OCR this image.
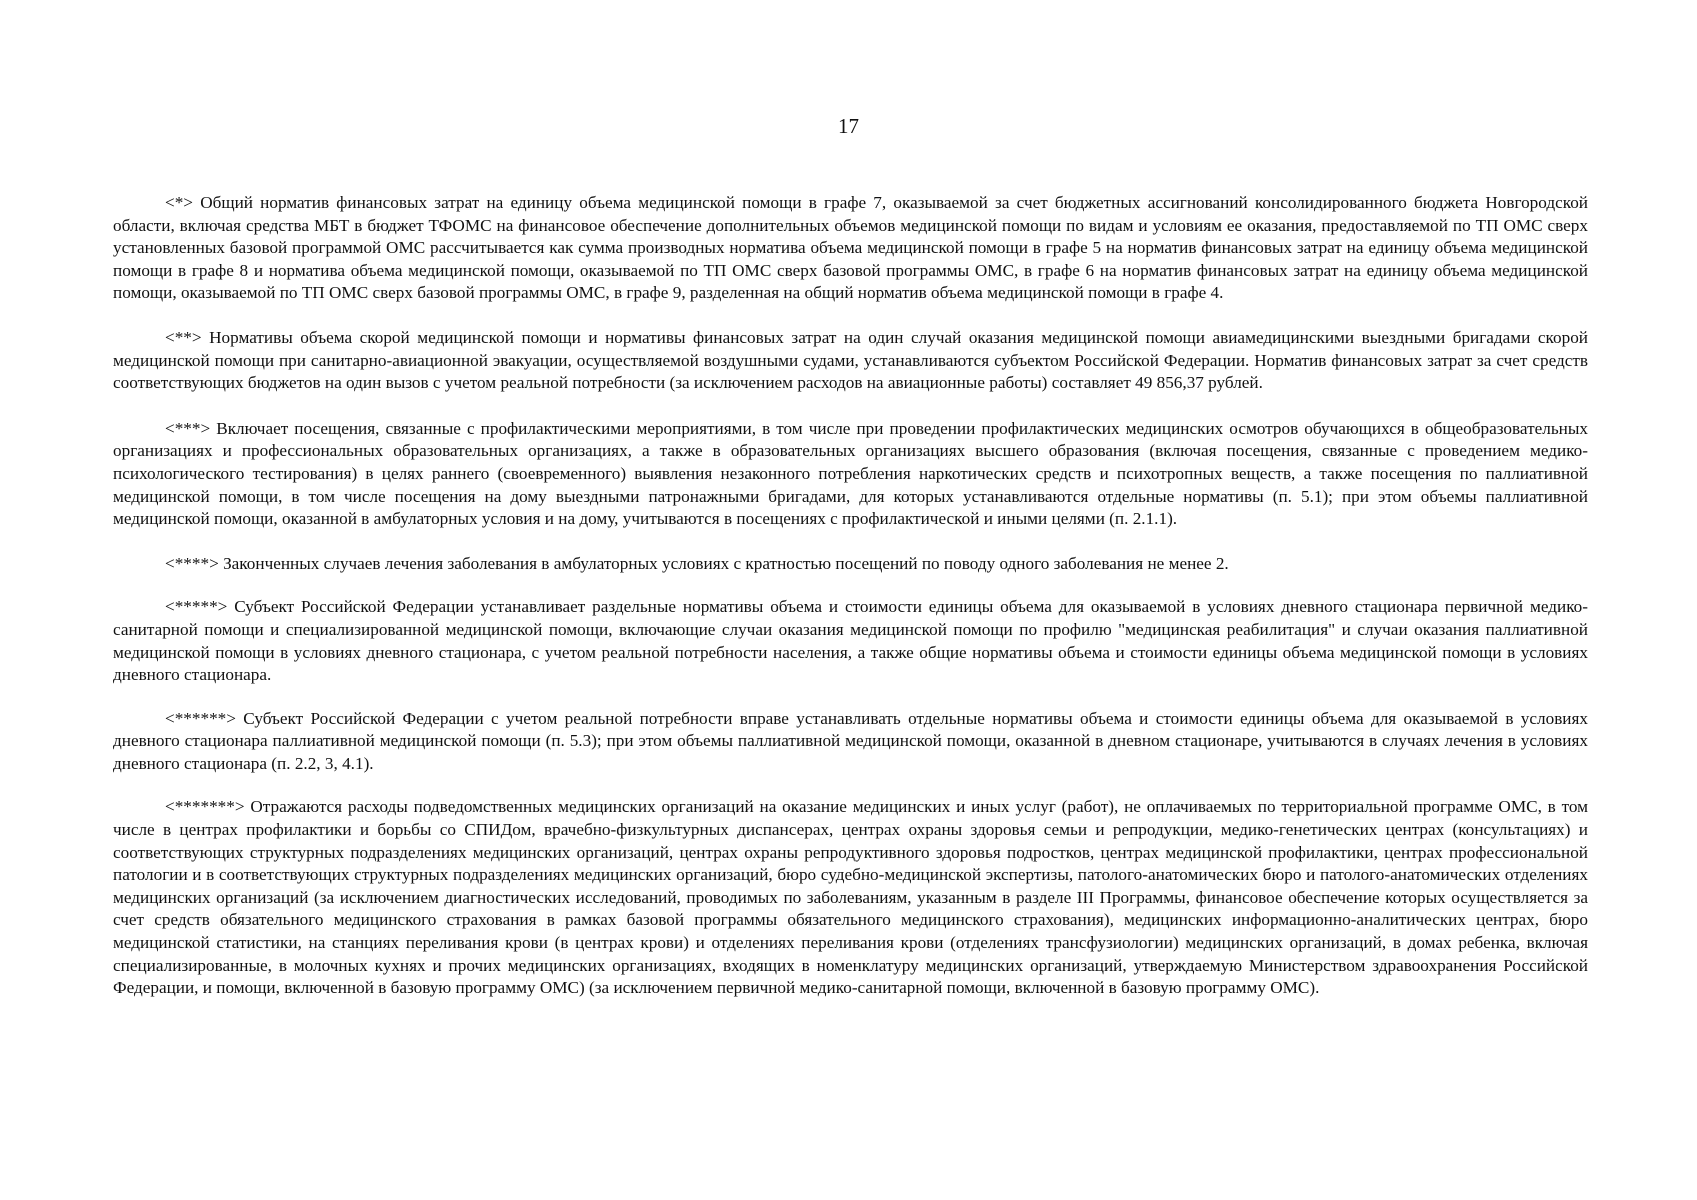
17

<*> Общий норматив финансовых затрат на единицу объема медицинской помощи в графе 7, оказываемой за счет бюджетных ассигнований консолидированного бюджета Новгородской области, включая средства МБТ в бюджет ТФОМС на финансовое обеспечение дополнительных объемов медицинской помощи по видам и условиям ее оказания, предоставляемой по ТП ОМС сверх установленных базовой программой ОМС рассчитывается как сумма производных норматива объема медицинской помощи в графе 5 на норматив финансовых затрат на единицу объема медицинской помощи в графе 8 и норматива объема медицинской помощи, оказываемой по ТП ОМС сверх базовой программы ОМС, в графе 6 на норматив финансовых затрат на единицу объема медицинской помощи, оказываемой по ТП ОМС сверх базовой программы ОМС, в графе 9, разделенная на общий норматив объема медицинской помощи в графе 4.

<**> Нормативы объема скорой медицинской помощи и нормативы финансовых затрат на один случай оказания медицинской помощи авиамедицинскими выездными бригадами скорой медицинской помощи при санитарно-авиационной эвакуации, осуществляемой воздушными судами, устанавливаются субъектом Российской Федерации. Норматив финансовых затрат за счет средств соответствующих бюджетов на один вызов с учетом реальной потребности (за исключением расходов на авиационные работы) составляет 49 856,37 рублей.

<***> Включает посещения, связанные с профилактическими мероприятиями, в том числе при проведении профилактических медицинских осмотров обучающихся в общеобразовательных организациях и профессиональных образовательных организациях, а также в образовательных организациях высшего образования (включая посещения, связанные с проведением медико-психологического тестирования) в целях раннего (своевременного) выявления незаконного потребления наркотических средств и психотропных веществ, а также посещения по паллиативной медицинской помощи, в том числе посещения на дому выездными патронажными бригадами, для которых устанавливаются отдельные нормативы (п. 5.1); при этом объемы паллиативной медицинской помощи, оказанной в амбулаторных условия и на дому, учитываются в посещениях с профилактической и иными целями (п. 2.1.1).

<****> Законченных случаев лечения заболевания в амбулаторных условиях с кратностью посещений по поводу одного заболевания не менее 2.

<*****> Субъект Российской Федерации устанавливает раздельные нормативы объема и стоимости единицы объема для оказываемой в условиях дневного стационара первичной медико-санитарной помощи и специализированной медицинской помощи, включающие случаи оказания медицинской помощи по профилю "медицинская реабилитация" и случаи оказания паллиативной медицинской помощи в условиях дневного стационара, с учетом реальной потребности населения, а также общие нормативы объема и стоимости единицы объема медицинской помощи в условиях дневного стационара.

<******> Субъект Российской Федерации с учетом реальной потребности вправе устанавливать отдельные нормативы объема и стоимости единицы объема для оказываемой в условиях дневного стационара паллиативной медицинской помощи (п. 5.3); при этом объемы паллиативной медицинской помощи, оказанной в дневном стационаре, учитываются в случаях лечения в условиях дневного стационара (п. 2.2, 3, 4.1).

<*******> Отражаются расходы подведомственных медицинских организаций на оказание медицинских и иных услуг (работ), не оплачиваемых по территориальной программе ОМС, в том числе в центрах профилактики и борьбы со СПИДом, врачебно-физкультурных диспансерах, центрах охраны здоровья семьи и репродукции, медико-генетических центрах (консультациях) и соответствующих структурных подразделениях медицинских организаций, центрах охраны репродуктивного здоровья подростков, центрах медицинской профилактики, центрах профессиональной патологии и в соответствующих структурных подразделениях медицинских организаций, бюро судебно-медицинской экспертизы, патолого-анатомических бюро и патолого-анатомических отделениях медицинских организаций (за исключением диагностических исследований, проводимых по заболеваниям, указанным в разделе III Программы, финансовое обеспечение которых осуществляется за счет средств обязательного медицинского страхования в рамках базовой программы обязательного медицинского страхования), медицинских информационно-аналитических центрах, бюро медицинской статистики, на станциях переливания крови (в центрах крови) и отделениях переливания крови (отделениях трансфузиологии) медицинских организаций, в домах ребенка, включая специализированные, в молочных кухнях и прочих медицинских организациях, входящих в номенклатуру медицинских организаций, утверждаемую Министерством здравоохранения Российской Федерации, и помощи, включенной в базовую программу ОМС) (за исключением первичной медико-санитарной помощи, включенной в базовую программу ОМС).
